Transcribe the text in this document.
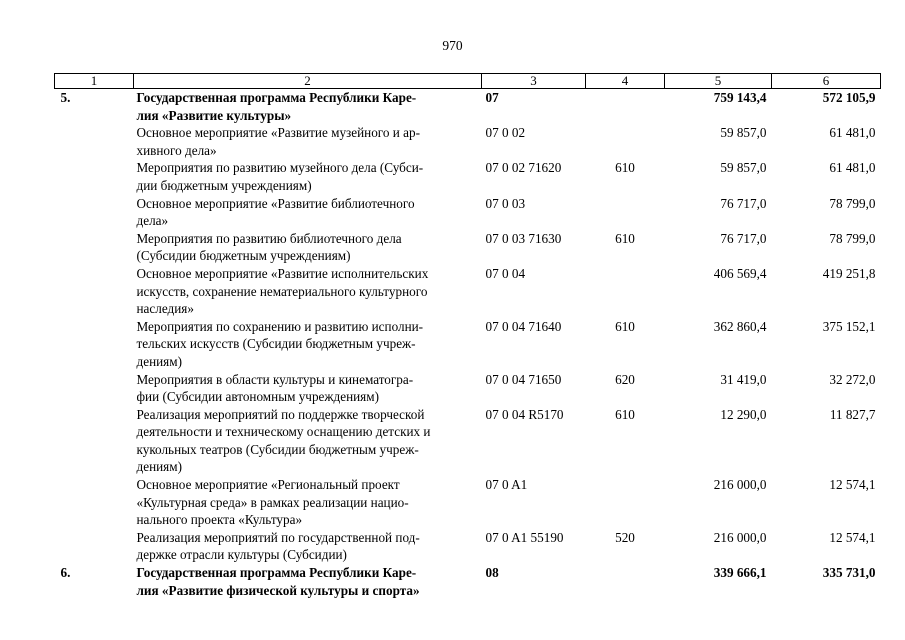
970
1	2	3	4	5	6
5.	Государственная программа Республики Каре-
лия «Развитие культуры»	07		759 143,4	572 105,9

	Основное мероприятие «Развитие музейного и ар-
хивного дела»	07 0 02		59 857,0	61 481,0

	Мероприятия по развитию музейного дела (Субси-
дии бюджетным учреждениям)	07 0 02 71620	610	59 857,0	61 481,0

	Основное мероприятие «Развитие библиотечного
дела»	07 0 03		76 717,0	78 799,0

	Мероприятия по развитию библиотечного дела
(Субсидии бюджетным учреждениям)	07 0 03 71630	610	76 717,0	78 799,0

	Основное мероприятие «Развитие исполнительских
искусств, сохранение нематериального культурного
наследия»	07 0 04		406 569,4	419 251,8

	Мероприятия по сохранению и развитию исполни-
тельских искусств (Субсидии бюджетным учреж-
дениям)	07 0 04 71640	610	362 860,4	375 152,1

	Мероприятия в области культуры и кинематогра-
фии (Субсидии автономным учреждениям)	07 0 04 71650	620	31 419,0	32 272,0

	Реализация мероприятий по поддержке творческой
деятельности и техническому оснащению детских и
кукольных театров (Субсидии бюджетным учреж-
дениям)	07 0 04 R5170	610	12 290,0	11 827,7

	Основное мероприятие «Региональный проект
«Культурная среда» в рамках реализации нацио-
нального проекта «Культура»	07 0 A1		216 000,0	12 574,1

	Реализация мероприятий по государственной под-
держке отрасли культуры (Субсидии)	07 0 A1 55190	520	216 000,0	12 574,1
6.	Государственная программа Республики Каре-
лия «Развитие физической культуры и спорта»	08		339 666,1	335 731,0
